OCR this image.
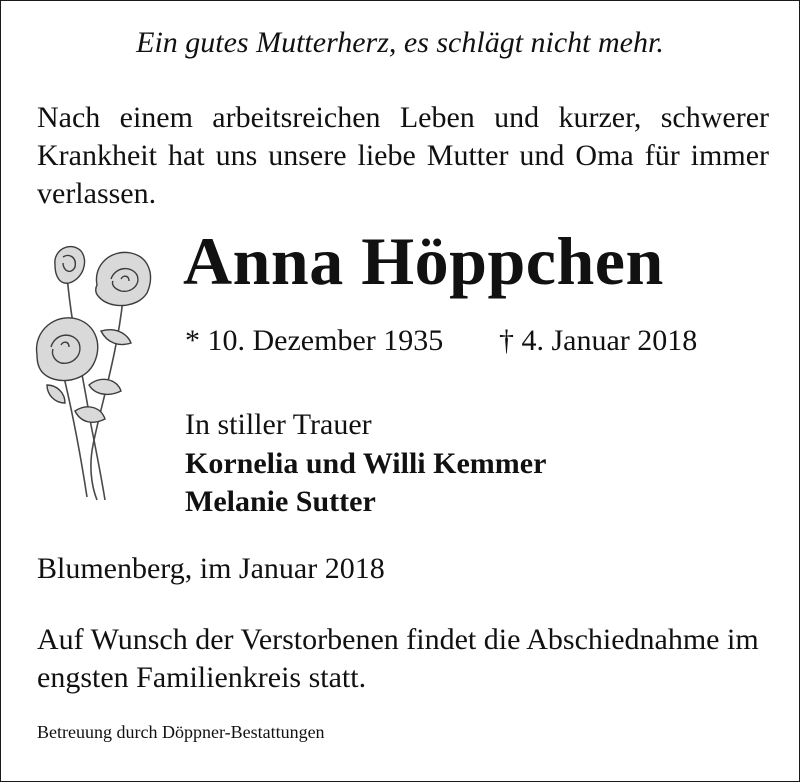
Ein gutes Mutterherz, es schlägt nicht mehr.
Nach einem arbeitsreichen Leben und kurzer, schwerer Krankheit hat uns unsere liebe Mutter und Oma für immer verlassen.
Anna Höppchen
* 10. Dezember 1935 † 4. Januar 2018
In stiller Trauer
Kornelia und Willi Kemmer
Melanie Sutter
Blumenberg, im Januar 2018
Auf Wunsch der Verstorbenen findet die Abschiednahme im engsten Familienkreis statt.
Betreuung durch Döppner-Bestattungen
